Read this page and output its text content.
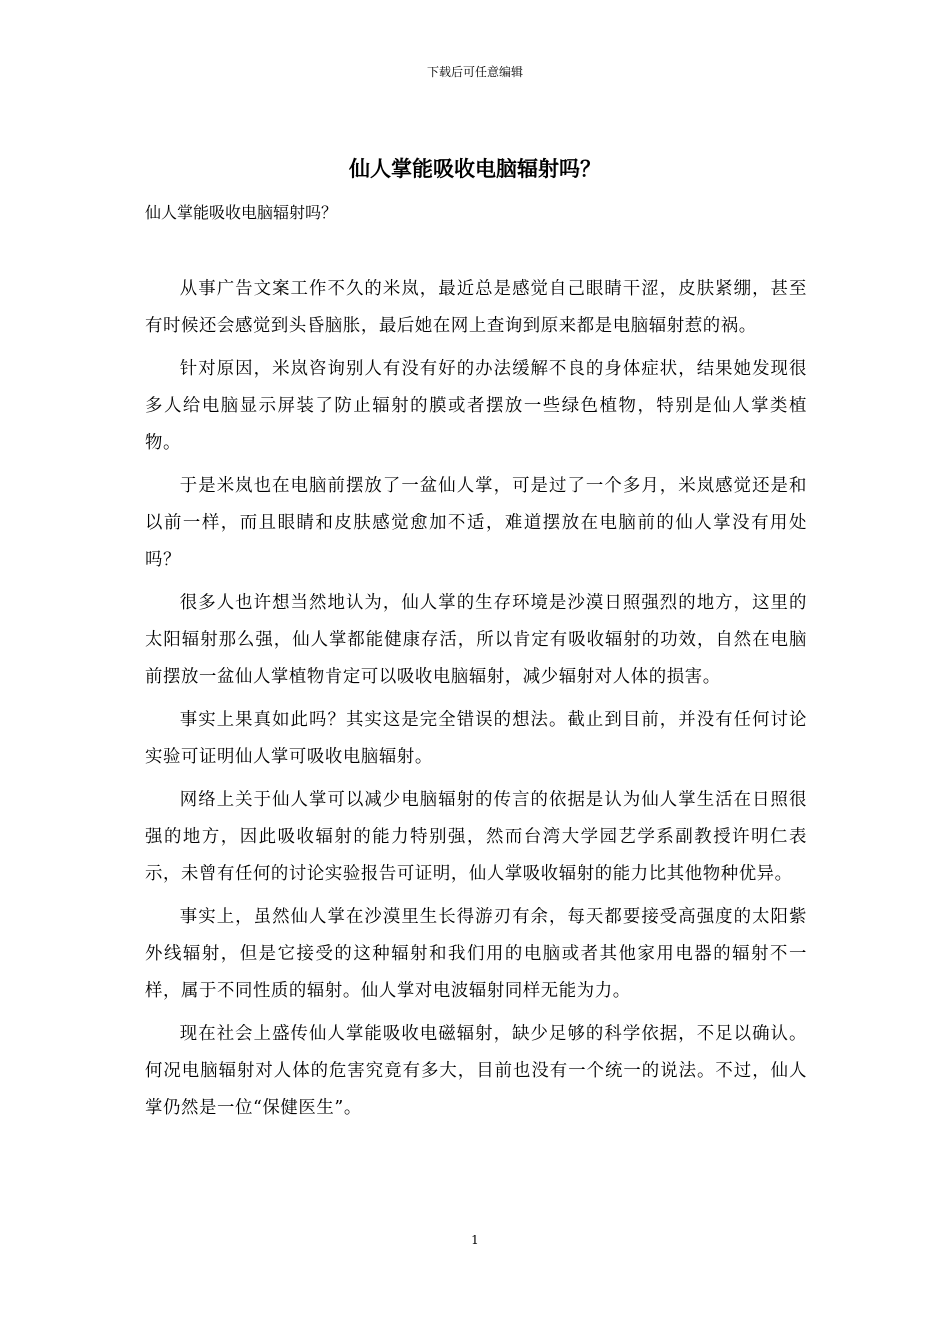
下载后可任意编辑
仙人掌能吸收电脑辐射吗？
仙人掌能吸收电脑辐射吗？

从事广告文案工作不久的米岚，最近总是感觉自己眼睛干涩，皮肤紧绷，甚至有时候还会感觉到头昏脑胀，最后她在网上查询到原来都是电脑辐射惹的祸。

针对原因，米岚咨询别人有没有好的办法缓解不良的身体症状，结果她发现很多人给电脑显示屏装了防止辐射的膜或者摆放一些绿色植物，特别是仙人掌类植物。

于是米岚也在电脑前摆放了一盆仙人掌，可是过了一个多月，米岚感觉还是和以前一样，而且眼睛和皮肤感觉愈加不适，难道摆放在电脑前的仙人掌没有用处吗？

很多人也许想当然地认为，仙人掌的生存环境是沙漠日照强烈的地方，这里的太阳辐射那么强，仙人掌都能健康存活，所以肯定有吸收辐射的功效，自然在电脑前摆放一盆仙人掌植物肯定可以吸收电脑辐射，减少辐射对人体的损害。

事实上果真如此吗？其实这是完全错误的想法。截止到目前，并没有任何讨论实验可证明仙人掌可吸收电脑辐射。

网络上关于仙人掌可以减少电脑辐射的传言的依据是认为仙人掌生活在日照很强的地方，因此吸收辐射的能力特别强，然而台湾大学园艺学系副教授许明仁表示，未曾有任何的讨论实验报告可证明，仙人掌吸收辐射的能力比其他物种优异。

事实上，虽然仙人掌在沙漠里生长得游刃有余，每天都要接受高强度的太阳紫外线辐射，但是它接受的这种辐射和我们用的电脑或者其他家用电器的辐射不一样，属于不同性质的辐射。仙人掌对电波辐射同样无能为力。

现在社会上盛传仙人掌能吸收电磁辐射，缺少足够的科学依据，不足以确认。何况电脑辐射对人体的危害究竟有多大，目前也没有一个统一的说法。不过，仙人掌仍然是一位“保健医生”。

1
